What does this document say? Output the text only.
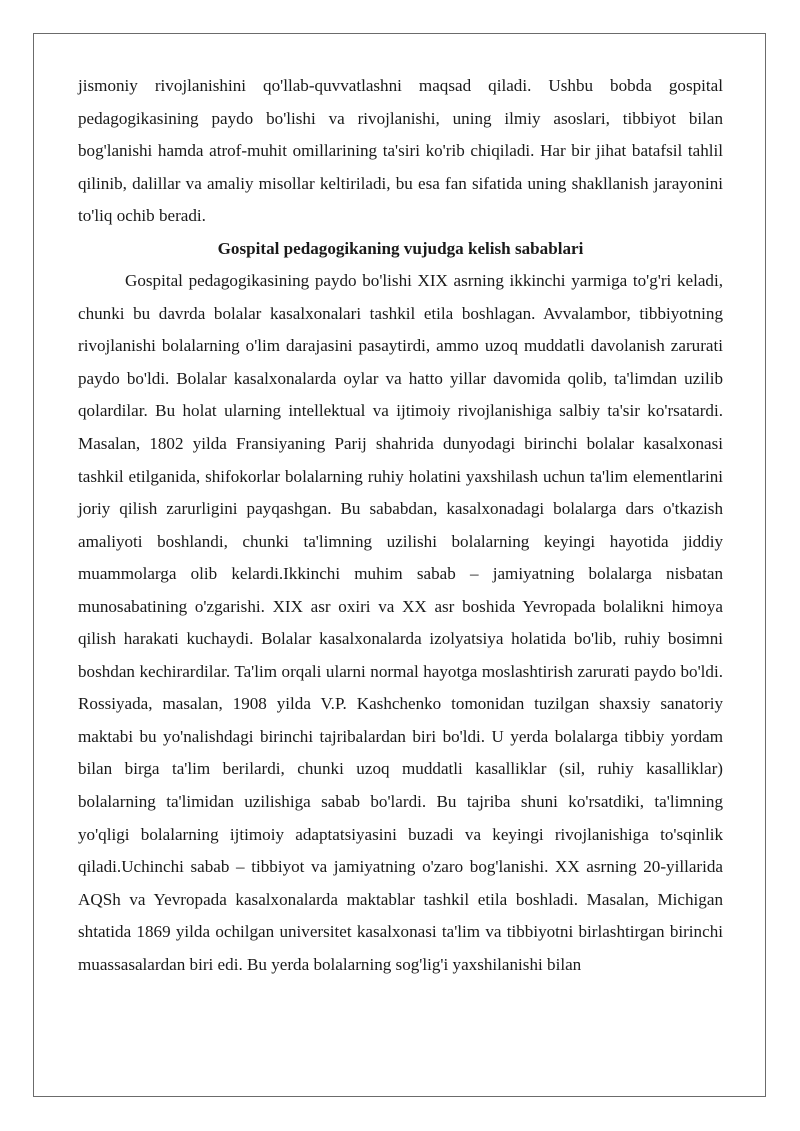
jismoniy rivojlanishini qo'llab-quvvatlashni maqsad qiladi. Ushbu bobda gospital pedagogikasining paydo bo'lishi va rivojlanishi, uning ilmiy asoslari, tibbiyot bilan bog'lanishi hamda atrof-muhit omillarining ta'siri ko'rib chiqiladi. Har bir jihat batafsil tahlil qilinib, dalillar va amaliy misollar keltiriladi, bu esa fan sifatida uning shakllanish jarayonini to'liq ochib beradi.

Gospital pedagogikaning vujudga kelish sabablari

Gospital pedagogikasining paydo bo'lishi XIX asrning ikkinchi yarmiga to'g'ri keladi, chunki bu davrda bolalar kasalxonalari tashkil etila boshlagan. Avvalambor, tibbiyotning rivojlanishi bolalarning o'lim darajasini pasaytirdi, ammo uzoq muddatli davolanish zarurati paydo bo'ldi. Bolalar kasalxonalarda oylar va hatto yillar davomida qolib, ta'limdan uzilib qolardilar. Bu holat ularning intellektual va ijtimoiy rivojlanishiga salbiy ta'sir ko'rsatardi. Masalan, 1802 yilda Fransiyaning Parij shahrida dunyodagi birinchi bolalar kasalxonasi tashkil etilganida, shifokorlar bolalarning ruhiy holatini yaxshilash uchun ta'lim elementlarini joriy qilish zarurligini payqashgan. Bu sababdan, kasalxonadagi bolalarga dars o'tkazish amaliyoti boshlandi, chunki ta'limning uzilishi bolalarning keyingi hayotida jiddiy muammolarga olib kelardi.Ikkinchi muhim sabab – jamiyatning bolalarga nisbatan munosabatining o'zgarishi. XIX asr oxiri va XX asr boshida Yevropada bolalikni himoya qilish harakati kuchaydi. Bolalar kasalxonalarda izolyatsiya holatida bo'lib, ruhiy bosimni boshdan kechirardilar. Ta'lim orqali ularni normal hayotga moslashtirish zarurati paydo bo'ldi. Rossiyada, masalan, 1908 yilda V.P. Kashchenko tomonidan tuzilgan shaxsiy sanatoriy maktabi bu yo'nalishdagi birinchi tajribalardan biri bo'ldi. U yerda bolalarga tibbiy yordam bilan birga ta'lim berilardi, chunki uzoq muddatli kasalliklar (sil, ruhiy kasalliklar) bolalarning ta'limidan uzilishiga sabab bo'lardi. Bu tajriba shuni ko'rsatdiki, ta'limning yo'qligi bolalarning ijtimoiy adaptatsiyasini buzadi va keyingi rivojlanishiga to'sqinlik qiladi.Uchinchi sabab – tibbiyot va jamiyatning o'zaro bog'lanishi. XX asrning 20-yillarida AQSh va Yevropada kasalxonalarda maktablar tashkil etila boshladi. Masalan, Michigan shtatida 1869 yilda ochilgan universitet kasalxonasi ta'lim va tibbiyotni birlashtirgan birinchi muassasalardan biri edi. Bu yerda bolalarning sog'lig'i yaxshilanishi bilan
